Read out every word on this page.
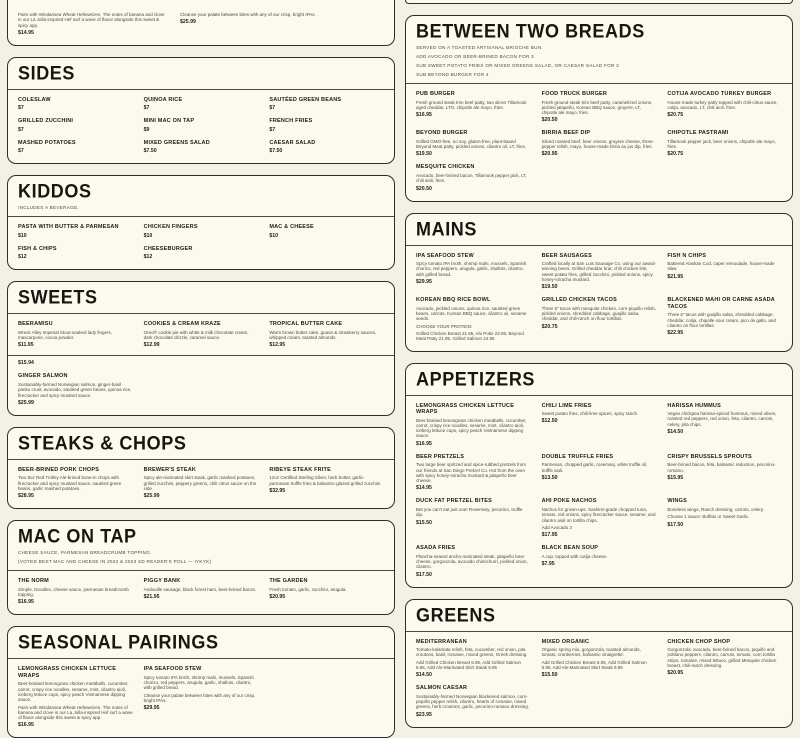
Pairs with Windansea Wheat Hefeweizen. The notes of banana and clove in our La Jolla-inspired Hef surf a wave of flavor alongside this sweet & spicy app.

$14.95

Cleanse your palate between bites with any of our crisp, bright IPAs.

$25.99
SIDES
COLESLAW
$7
QUINOA RICE
$7
SAUTÉED GREEN BEANS
$7
GRILLED ZUCCHINI
$7
MINI MAC ON TAP
$9
FRENCH FRIES
$7
MASHED POTATOES
$7
MIXED GREENS SALAD
$7.50
CAESAR SALAD
$7.50
KIDDOS

INCLUDES A BEVERAGE.

PASTA WITH BUTTER & PARMESAN
$10
CHICKEN FINGERS
$10
MAC & CHEESE
$10
FISH & CHIPS
$12
CHEESEBURGER
$12
SWEETS
BEERAMISU

Wreck Alley Imperial Stout-soaked lady fingers, mascarpone, cocoa powder.

$11.95
COOKIES & CREAM KRAZE

Oreo® cookie pie with white & milk chocolate cream, dark chocolate drizzle, caramel sauce.

$12.99
TROPICAL BUTTER CAKE

Warm brown butter cake, guava & strawberry sauces, whipped cream, toasted almonds.

$12.95
$15.94
GINGER SALMON

Sustainably-farmed Norwegian salmon, ginger-basil panko crust, avocado, sautéed green beans, quinoa rice, firecracker and spicy mustard sauce.

$25.99
STEAKS & CHOPS
BEER-BRINED PORK CHOPS

Two 8oz Red Trolley Ale-brined bone-in chops with firecracker and spicy mustard sauce, sautéed green beans, garlic mashed potatoes.

$28.95
BREWER'S STEAK

Spicy ale-marinated skirt steak, garlic mashed potatoes, grilled zucchini, peppery greens, chili citrus sauce on the side.

$25.99
RIBEYE STEAK FRITE

12oz Certified Sterling Silver, herb butter, garlic-parmesan truffle fries & balsamic-glazed grilled zucchini.

$32.95
MAC ON TAP

CHEESE SAUCE, PARMESAN BREADCRUMB TOPPING.

(VOTED BEST MAC AND CHEESE IN 2022 & 2023 SD READER'S POLL — IYKYK)

THE NORM

Simple. Noodles, cheese sauce, parmesan breadcrumb topping.

$16.95
PIGGY BANK

Andouille sausage, black forest ham, beer-brined bacon.

$21.95
THE GARDEN

Fresh tomato, garlic, zucchini, arugula.

$20.95
SEASONAL PAIRINGS
LEMONGRASS CHICKEN LETTUCE WRAPS

Beer-braised lemongrass chicken meatballs, cucumber, carrot, crispy rice noodles, sesame, mint, cilantro aioli, iceberg lettuce cups, spicy peach Vietnamese dipping sauce.

Pairs with Windansea Wheat Hefeweizen. The notes of banana and clove in our La Jolla-inspired Hef surf a wave of flavor alongside this sweet & spicy app.

$16.95
IPA SEAFOOD STEW

Spicy tomato IPA broth, shrimp mahi, mussels, Spanish chorizo, red peppers, arugula, garlic, shallots, cilantro, with grilled bread.

Cleanse your palate between bites with any of our crisp, bright IPAs.

$29.95
BETWEEN TWO BREADS

SERVED ON A TOASTED ARTISANAL BRIOCHE BUN.

ADD AVOCADO OR BEER-BRINED BACON FOR 3

SUB SWEET POTATO FRIES OR MIXED GREENS SALAD, OR CAESAR SALAD FOR 3

SUB BEYOND BURGER FOR 4

PUB BURGER

Fresh ground steak trim beef patty, two slices Tillamook aged cheddar, LTO, chipotle ale mayo, fries.

$16.95
FOOD TRUCK BURGER

Fresh ground steak trim beef patty, caramelized onions, pickled jalapeño, Korean BBQ sauce, gruyere, LT, chipotle ale mayo, fries.

$20.50
COTIJA AVOCADO TURKEY BURGER

House-made turkey patty topped with chili-citrus sauce, cotija, avocado, LT, chili aioli, fries.

$20.75
BEYOND BURGER

Grilled GMO-free, no soy, gluten-free, plant-based Beyond Meat patty, pickled onions, cilantro oil, LT, fries.

$19.50
BIRRIA BEEF DIP

Sliced roasted beef, beer onions, gruyere cheese, three-pepper relish, mayo, house-made birria au jus dip, fries.

$20.95
CHIPOTLE PASTRAMI

Tillamook pepper jack, beer onions, chipotle ale mayo, fries.

$20.75
MESQUITE CHICKEN

Avocado, beer-brined bacon, Tillamook pepper jack, LT, chili aioli, fries.

$20.50
MAINS
IPA SEAFOOD STEW

Spicy tomato IPA broth, shrimp mahi, mussels, Spanish chorizo, red peppers, arugula, garlic, shallots, cilantro, with grilled bread.

$29.95
BEER SAUSAGES

Crafted locally at San Luis Sausage Co. using our award-winning beers. Grilled cheddar brat, chili chicken link, sweet potato fries, grilled zucchini, pickled onions, spicy honey-sriracha mustard.

$19.50
FISH N CHIPS

Battered Alaskan Cod, caper remoulade, house-made slaw.

$21.95
KOREAN BBQ RICE BOWL

Avocado, pickled onions, quinoa rice, sautéed green beans, carrots, Korean BBQ sauce, cilantro oil, sesame seeds.

CHOOSE YOUR PROTEIN:

Grilled Chicken Breast 21.95, Ahi Poke 22.95, Beyond Meat Patty 21.95, Grilled Salmon 24.95

GRILLED CHICKEN TACOS

Three 6" tacos with mesquite chicken, corn-piquillo relish, pickled onions, shredded cabbage, guajillo salsa, cheddar, and chili-ranch on flour tortillas.

$20.75
BLACKENED MAHI OR CARNE ASADA TACOS

Three 6" tacos with guajillo salsa, shredded cabbage, cheddar, cotija, chipotle sour cream, pico de gallo, and cilantro on flour tortillas.

$22.95
APPETIZERS
LEMONGRASS CHICKEN LETTUCE WRAPS

Beer-braised lemongrass chicken meatballs, cucumber, carrot, crispy rice noodles, sesame, mint, cilantro aioli, iceberg lettuce cups, spicy peach Vietnamese dipping sauce.

$16.95
CHILI LIME FRIES

Sweet potato fries, chili-lime spices, spicy ranch.

$12.50
HARISSA HUMMUS

Vegan chickpea harissa-spiced hummus, mixed olives, roasted red peppers, red onion, feta, cilantro, carrots, celery, pita chips.

$14.50
BEER PRETZELS

Two large beer spritzed and spice-rubbed pretzels from our friends at San Diego Pretzel Co. Hot from the oven with spicy honey-sriracha mustard & jalapeño beer cheese.

$14.95
DOUBLE TRUFFLE FRIES

Parmesan, chopped garlic, rosemary, white truffle oil, truffle aioli.

$13.50
CRISPY BRUSSELS SPROUTS

Beer-brined bacon, feta, balsamic reduction, pecorino-romano.

$15.95
DUCK FAT PRETZEL BITES

Bet you can't eat just one! Rosemary, pecorino, truffle dip.

$15.50
AHI POKE NACHOS

Nachos for grown-ups. Sashimi-grade chopped tuna, tomato, red onions, spicy firecracker sauce, sesame, and cilantro aioli on tortilla chips.

Add Avocado 3

$17.95
WINGS

Boneless wings, Ranch dressing, carrots, celery.

Choose 1 sauce: Buffalo or Sweet Garlic.

$17.50
ASADA FRIES

Plancha-seared ancho-marinated steak, jalapeño beer cheese, gorgonzola, avocado chimichurri, pickled onion, cilantro.

$17.50
BLACK BEAN SOUP

A cup, topped with cotija cheese.

$7.95
GREENS
MEDITERRANEAN

Tomato-kalamata relish, feta, cucumber, red onion, pita croutons, basil, romaine, mixed greens, Greek dressing.

Add Grilled Chicken Breast 6.95, Add Grilled Salmon 8.95, Add Ale-Marinated Skirt Steak 9.95

$14.50
MIXED ORGANIC

Organic spring mix, gorgonzola, toasted almonds, tomato, cranberries, balsamic vinaigrette.

Add Grilled Chicken Breast 6.95, Add Grilled Salmon 8.95, Add Ale-Marinated Skirt Steak 9.95

$15.50
CHICKEN CHOP SHOP

Gorgonzola, avocado, beer-brined bacon, piquillo and poblano peppers, cilantro, carrots, tomato, corn tortilla strips, romaine, mixed lettuce, grilled Mesquite chicken breast, chili-ranch dressing.

$20.95
SALMON CAESAR

Sustainably-farmed Norwegian blackened salmon, corn-piquillo pepper relish, cilantro, hearts of romaine, mixed greens, herb croutons, garlic, pecorino-romano dressing.

$23.95
